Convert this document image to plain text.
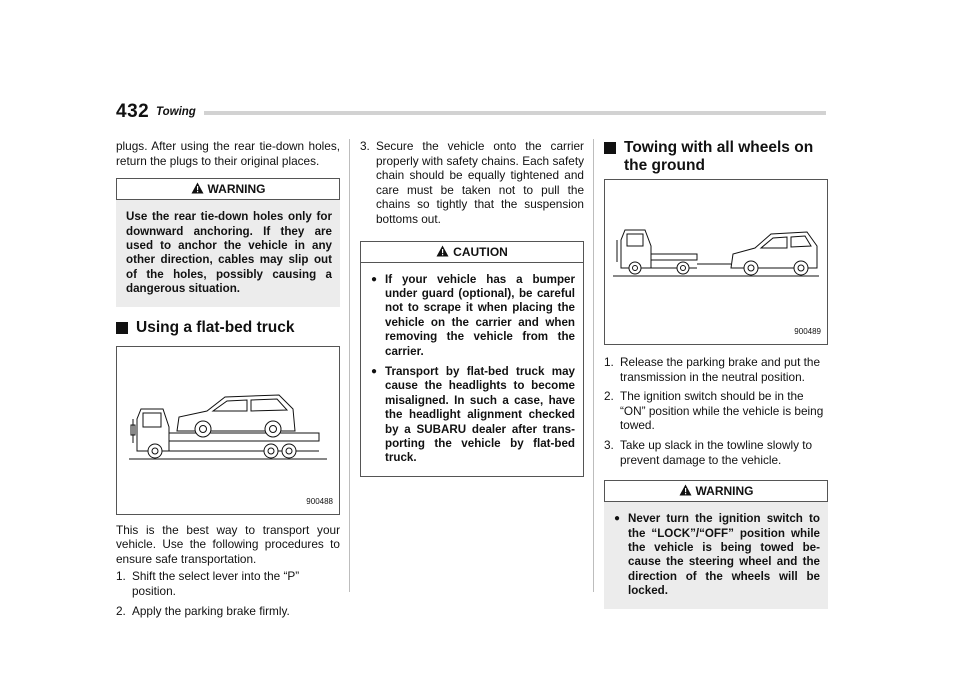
432 Towing

plugs. After using the rear tie-down holes, return the plugs to their original places.

WARNING
Use the rear tie-down holes only for downward anchoring. If they are used to anchor the vehicle in any other direction, cables may slip out of the holes, possibly causing a dangerous situation.
Using a flat-bed truck
900488

This is the best way to transport your vehicle. Use the following procedures to ensure safe transportation.

1. Shift the select lever into the “P” position.
2. Apply the parking brake firmly.
3. Secure the vehicle onto the carrier properly with safety chains. Each safety chain should be equally tightened and care must be taken not to pull the chains so tightly that the suspension bottoms out.
CAUTION
● If your vehicle has a bumper under guard (optional), be careful not to scrape it when placing the vehicle on the carrier and when removing the vehicle from the carrier.
● Transport by flat-bed truck may cause the headlights to become misaligned. In such a case, have the headlight alignment checked by a SUBARU dealer after transporting the vehicle by flat-bed truck.
Towing with all wheels on the ground
900489
1. Release the parking brake and put the transmission in the neutral position.
2. The ignition switch should be in the “ON” position while the vehicle is being towed.
3. Take up slack in the towline slowly to prevent damage to the vehicle.
WARNING
● Never turn the ignition switch to the “LOCK”/“OFF” position while the vehicle is being towed because the steering wheel and the direction of the wheels will be locked.
